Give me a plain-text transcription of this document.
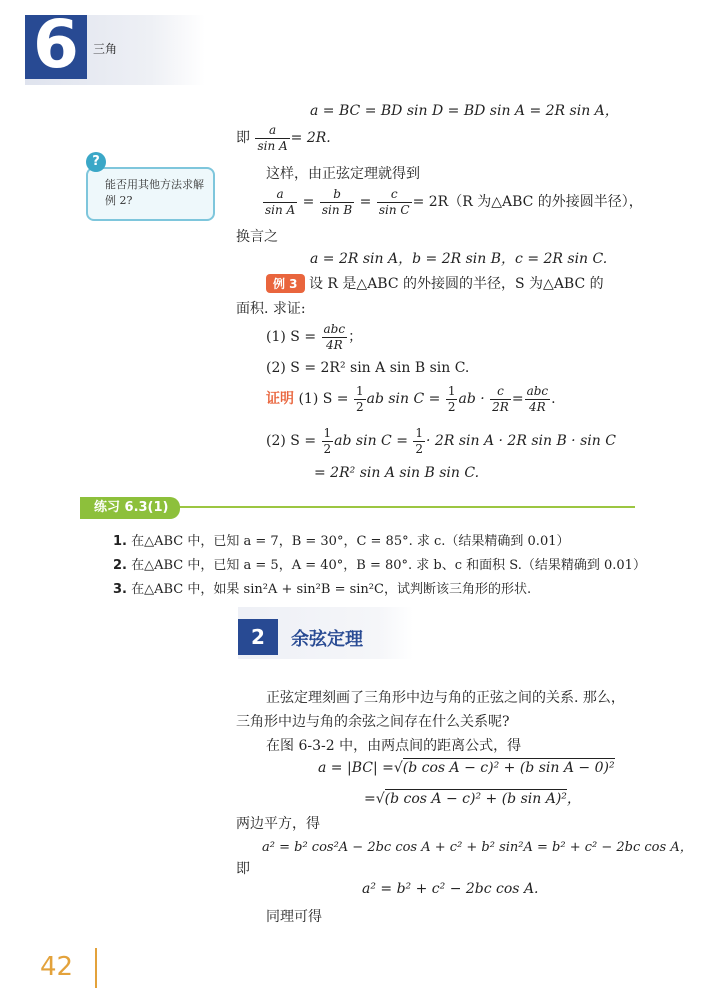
6	三角
a = BC = BD sin D = BD sin A = 2R sin A，
即 $\frac{a}{\text{sin A}} = 2R$.
?
能否用其他方法求解例 2?
这样，由正弦定理就得到
$\frac{a}{\text{sin A}} = \frac{b}{\text{sin B}} = \frac{c}{\text{sin C}} = 2R(R$ 为△ABC 的外接圆半径），
换言之
a = 2R sin A，b = 2R sin B，c = 2R sin C.
例 3 设 R 是△ABC 的外接圆的半径，S 为△ABC 的
面积. 求证:
(1) $S = \frac{\text{abc}}{4R}$ ；
(2) S = 2R² sin A sin B sin C.
证明 (1) $S = \frac{1}{2}$ ab $\sin C = \frac{1}{2}$ ab · $\frac{c}{2R} = \frac{\text{abc}}{4R}$ .
(2) $S = \frac{1}{2}$ ab $\sin C = \frac{1}{2} \cdot 2R$ sin A · 2R sin B · sin C
= 2R² sin A sin B sin C.
练习 6.3(1)
1. 在△ABC 中，已知 a = 7，B = 30°，C = 85°. 求 c.（结果精确到 0.01）
2. 在△ABC 中，已知 a = 5，A = 40°，B = 80°. 求 b、c 和面积 S.（结果精确到 0.01）
3. 在△ABC 中，如果 sin²A + sin²B = sin²C，试判断该三角形的形状.
2	余弦定理
正弦定理刻画了三角形中边与角的正弦之间的关系. 那么，
三角形中边与角的余弦之间存在什么关系呢?
在图 6-3-2 中，由两点间的距离公式，得
a = |BC| =√(b cos A − c)² + (b sin A − 0)²
=√(b cos A − c)² + (b sin A)²，
两边平方，得
a² = b² cos²A − 2bc cos A + c² + b² sin²A = b² + c² − 2bc cos A，
即
a² = b² + c² − 2bc cos A.
同理可得
42
